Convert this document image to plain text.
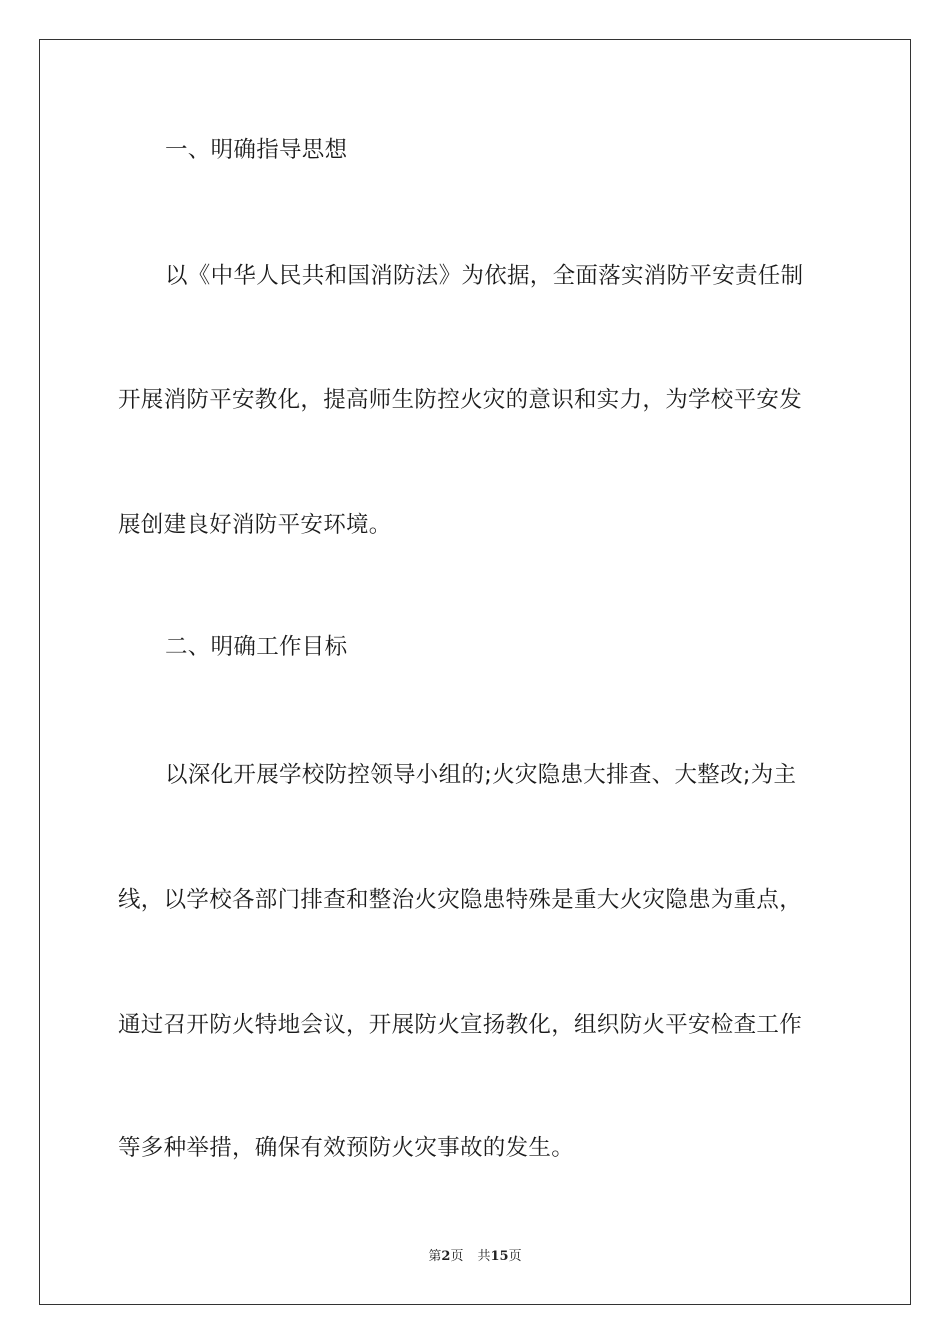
一、明确指导思想
以《中华人民共和国消防法》为依据，全面落实消防平安责任制
开展消防平安教化，提高师生防控火灾的意识和实力，为学校平安发
展创建良好消防平安环境。
二、明确工作目标
以深化开展学校防控领导小组的;火灾隐患大排查、大整改;为主
线，以学校各部门排查和整治火灾隐患特殊是重大火灾隐患为重点，
通过召开防火特地会议，开展防火宣扬教化，组织防火平安检查工作
等多种举措，确保有效预防火灾事故的发生。
第2页 共15页
